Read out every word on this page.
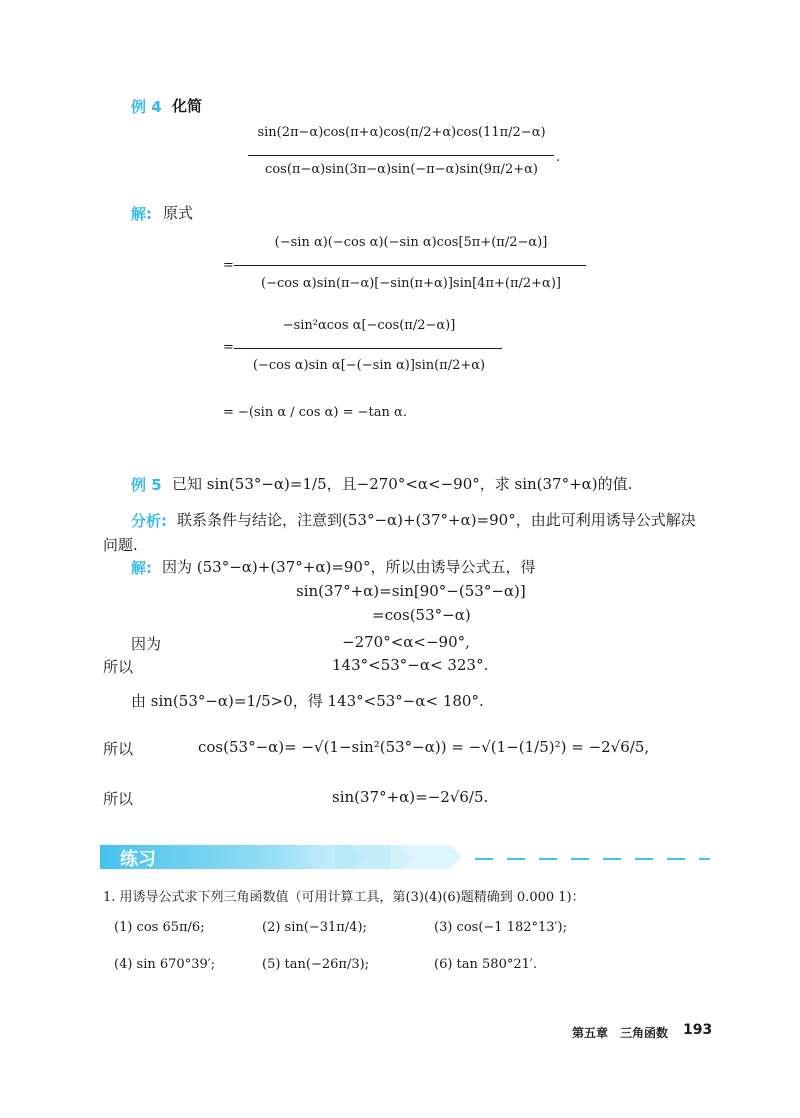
例 4 化简
sin(2π−α)cos(π+α)cos(π/2+α)cos(11π/2−α)
cos(π−α)sin(3π−α)sin(−π−α)sin(9π/2+α)
.
解: 原式
=
(−sin α)(−cos α)(−sin α)cos[5π+(π/2−α)]
(−cos α)sin(π−α)[−sin(π+α)]sin[4π+(π/2+α)]
=
−sin²αcos α[−cos(π/2−α)]
(−cos α)sin α[−(−sin α)]sin(π/2+α)
= −(sin α / cos α) = −tan α.
例 5 已知 sin(53°−α)=1/5，且−270°<α<−90°，求 sin(37°+α)的值.
分析: 联系条件与结论，注意到(53°−α)+(37°+α)=90°，由此可利用诱导公式解决
问题.
解: 因为 (53°−α)+(37°+α)=90°，所以由诱导公式五，得
sin(37°+α)=sin[90°−(53°−α)]
=cos(53°−α)
因为	−270°<α<−90°,
所以	143°<53°−α< 323°.
由 sin(53°−α)=1/5>0，得 143°<53°−α< 180°.
所以	cos(53°−α)= −√(1−sin²(53°−α)) = −√(1−(1/5)²) = −2√6/5,
所以	sin(37°+α)=−2√6/5.
练习
1. 用诱导公式求下列三角函数值（可用计算工具，第(3)(4)(6)题精确到 0.000 1)：
(1) cos 65π/6;	(2) sin(−31π/4);	(3) cos(−1 182°13′);
(4) sin 670°39′;	(5) tan(−26π/3);	(6) tan 580°21′.
第五章　三角函数 193
